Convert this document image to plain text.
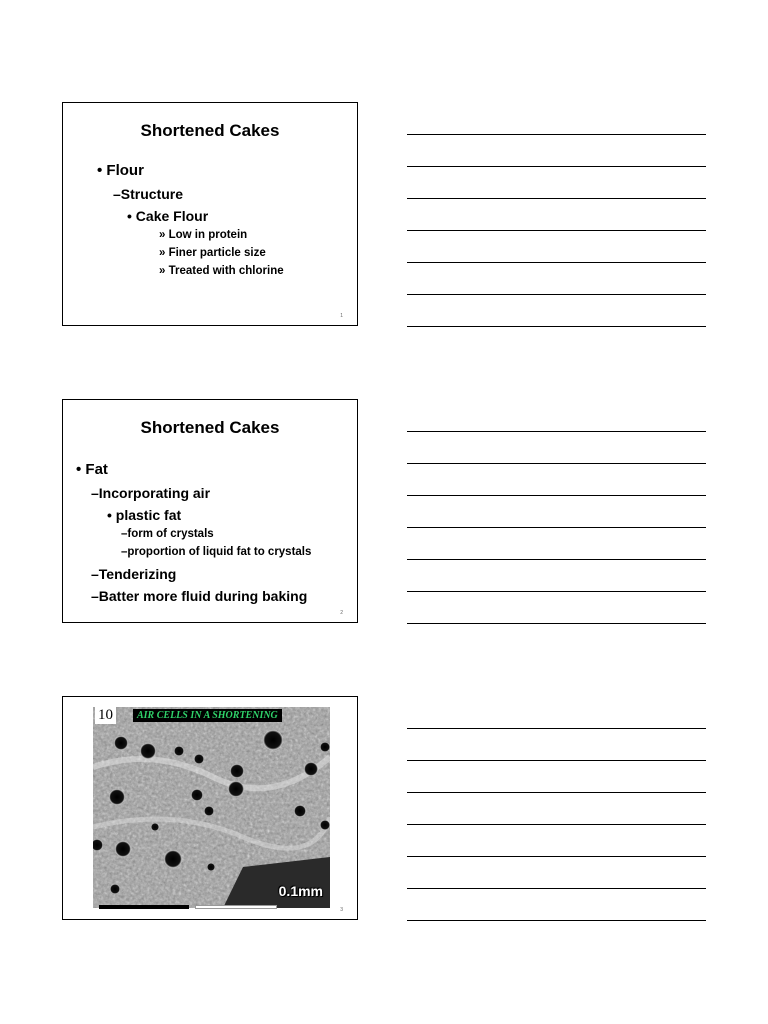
Shortened Cakes
• Flour
–Structure
• Cake Flour
» Low in protein
» Finer particle size
» Treated with chlorine
1
Shortened Cakes
• Fat
–Incorporating air
• plastic fat
–form of crystals
–proportion of liquid fat to crystals
–Tenderizing
–Batter more fluid during baking
2
10	AIR CELLS IN A SHORTENING
0.1mm
3
